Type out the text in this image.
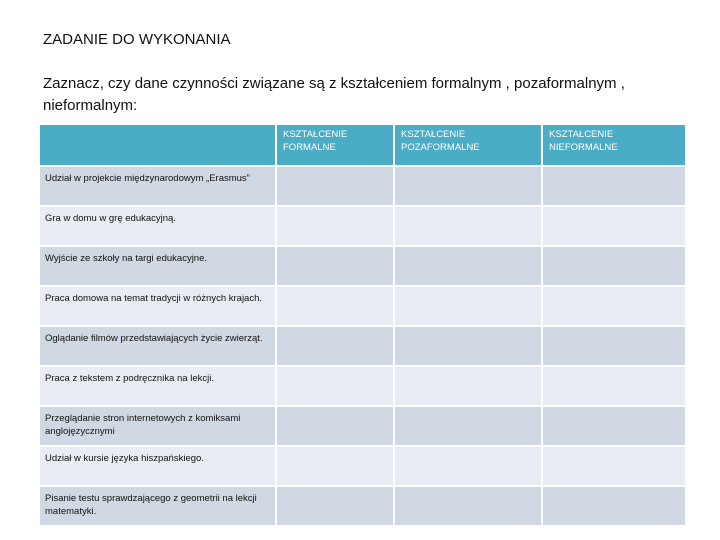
ZADANIE DO WYKONANIA

Zaznacz, czy dane czynności związane są z kształceniem formalnym , pozaformalnym , nieformalnym:

	KSZTAŁCENIE FORMALNE	KSZTAŁCENIE POZAFORMALNE	KSZTAŁCENIE NIEFORMALNE
Udział w projekcie międzynarodowym „Erasmus”			
Gra w domu w grę edukacyjną.			
Wyjście ze szkoły na targi edukacyjne.			
Praca domowa na temat tradycji w różnych krajach.			
Oglądanie filmów przedstawiających życie zwierząt.			
Praca z tekstem z podręcznika na lekcji.			
Przeglądanie stron internetowych z komiksami anglojęzycznymi			
Udział w kursie języka hiszpańskiego.			
Pisanie testu sprawdzającego z geometrii na lekcji matematyki.			
